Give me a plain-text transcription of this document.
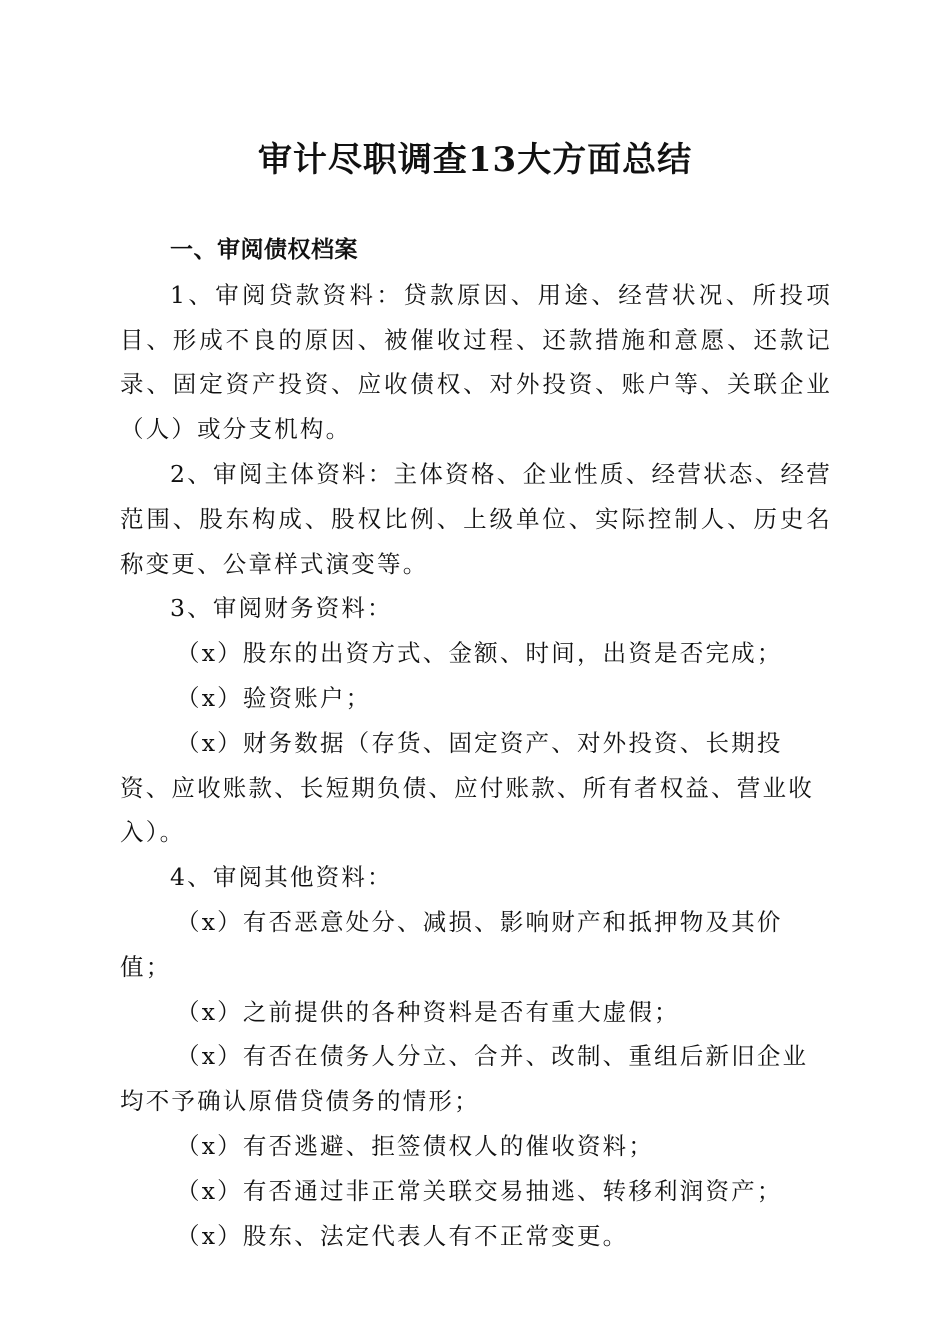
审计尽职调查13大方面总结

一、审阅债权档案

1、审阅贷款资料：贷款原因、用途、经营状况、所投项目、形成不良的原因、被催收过程、还款措施和意愿、还款记录、固定资产投资、应收债权、对外投资、账户等、关联企业（人）或分支机构。

2、审阅主体资料：主体资格、企业性质、经营状态、经营范围、股东构成、股权比例、上级单位、实际控制人、历史名称变更、公章样式演变等。

3、审阅财务资料：

（x）股东的出资方式、金额、时间，出资是否完成；

（x）验资账户；

（x）财务数据（存货、固定资产、对外投资、长期投资、应收账款、长短期负债、应付账款、所有者权益、营业收入）。

4、审阅其他资料：

（x）有否恶意处分、减损、影响财产和抵押物及其价值；

（x）之前提供的各种资料是否有重大虚假；

（x）有否在债务人分立、合并、改制、重组后新旧企业均不予确认原借贷债务的情形；

（x）有否逃避、拒签债权人的催收资料；

（x）有否通过非正常关联交易抽逃、转移利润资产；

（x）股东、法定代表人有不正常变更。
